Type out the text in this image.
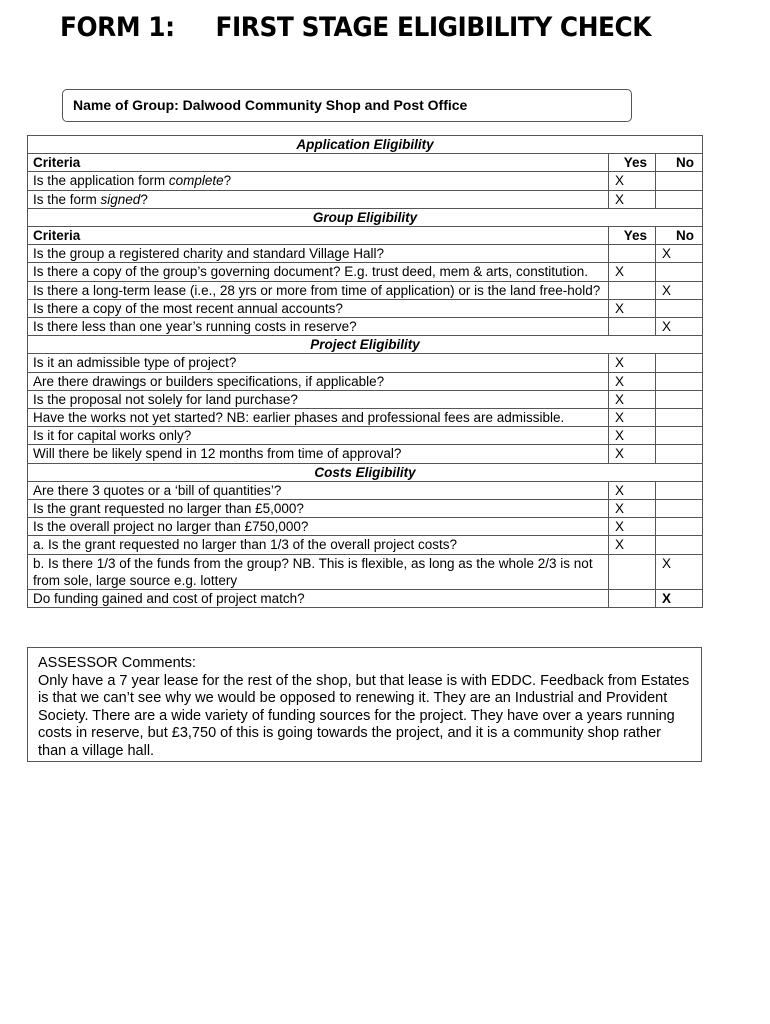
FORM 1:     FIRST STAGE ELIGIBILITY CHECK
Name of Group: Dalwood Community Shop and Post Office
Application Eligibility		
Criteria	Yes	No
Is the application form complete?	X	
Is the form signed?	X	
Group Eligibility		
Criteria	Yes	No
Is the group a registered charity and standard Village Hall?		X
Is there a copy of the group’s governing document? E.g. trust deed, mem & arts, constitution.	X	
Is there a long-term lease (i.e., 28 yrs or more from time of application) or is the land free-hold?		X
Is there a copy of the most recent annual accounts?	X	
Is there less than one year’s running costs in reserve?		X
Project Eligibility		
Is it an admissible type of project?	X	
Are there drawings or builders specifications, if applicable?	X	
Is the proposal not solely for land purchase?	X	
Have the works not yet started? NB: earlier phases and professional fees are admissible.	X	
Is it for capital works only?	X	
Will there be likely spend in 12 months from time of approval?	X	
Costs Eligibility		
Are there 3 quotes or a ‘bill of quantities’?	X	
Is the grant requested no larger than £5,000?	X	
Is the overall project no larger than £750,000?	X	
a. Is the grant requested no larger than 1/3 of the overall project costs?	X	
b. Is there 1/3 of the funds from the group? NB. This is flexible, as long as the whole 2/3 is not from sole, large source e.g. lottery		X
Do funding gained and cost of project match?		X
ASSESSOR Comments:
Only have a 7 year lease for the rest of the shop, but that lease is with EDDC. Feedback from Estates is that we can’t see why we would be opposed to renewing it. They are an Industrial and Provident Society. There are a wide variety of funding sources for the project. They have over a years running costs in reserve, but £3,750 of this is going towards the project, and it is a community shop rather than a village hall.
